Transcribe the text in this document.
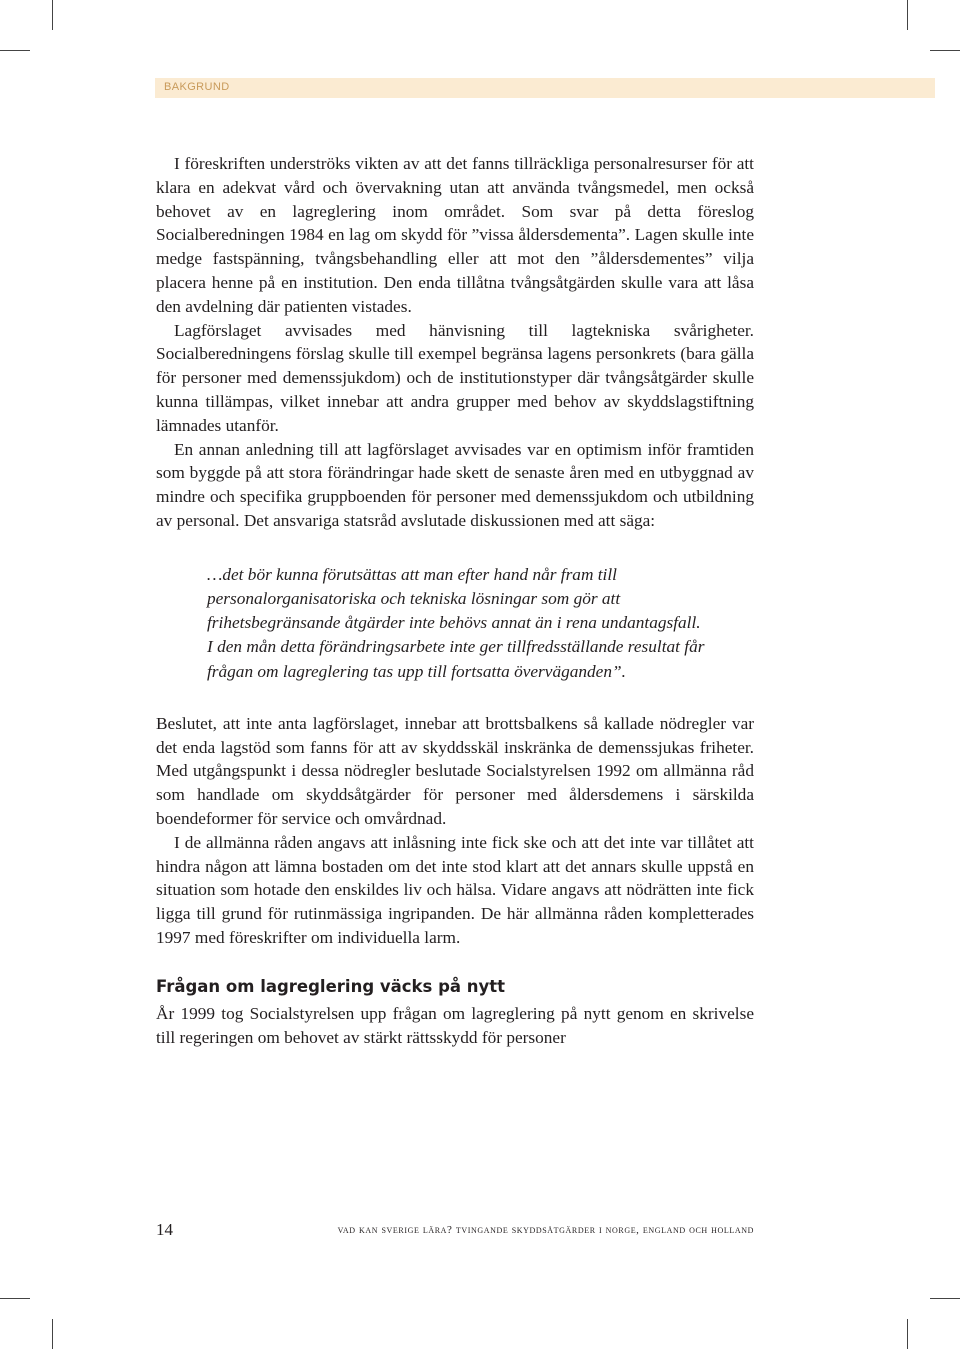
BAKGRUND

I föreskriften underströks vikten av att det fanns tillräckliga personalresurser för att klara en adekvat vård och övervakning utan att använda tvångsmedel, men också behovet av en lagreglering inom området. Som svar på detta föreslog Socialberedningen 1984 en lag om skydd för ”vissa åldersdementa”. Lagen skulle inte medge fastspänning, tvångsbehandling eller att mot den ”åldersdementes” vilja placera henne på en institution. Den enda tillåtna tvångsåtgärden skulle vara att låsa den avdelning där patienten vistades.

Lagförslaget avvisades med hänvisning till lagtekniska svårigheter. Socialberedningens förslag skulle till exempel begränsa lagens personkrets (bara gälla för personer med demenssjukdom) och de institutionstyper där tvångsåtgärder skulle kunna tillämpas, vilket innebar att andra grupper med behov av skyddslagstiftning lämnades utanför.

En annan anledning till att lagförslaget avvisades var en optimism inför framtiden som byggde på att stora förändringar hade skett de senaste åren med en utbyggnad av mindre och specifika gruppboenden för personer med demenssjukdom och utbildning av personal. Det ansvariga statsråd avslutade diskussionen med att säga:

…det bör kunna förutsättas att man efter hand når fram till personalorganisatoriska och tekniska lösningar som gör att frihetsbegränsande åtgärder inte behövs annat än i rena undantagsfall. I den mån detta förändringsarbete inte ger tillfredsställande resultat får frågan om lagreglering tas upp till fortsatta överväganden”.

Beslutet, att inte anta lagförslaget, innebar att brottsbalkens så kallade nödregler var det enda lagstöd som fanns för att av skyddsskäl inskränka de demenssjukas friheter. Med utgångspunkt i dessa nödregler beslutade Socialstyrelsen 1992 om allmänna råd som handlade om skyddsåtgärder för personer med åldersdemens i särskilda boendeformer för service och omvårdnad.

I de allmänna råden angavs att inlåsning inte fick ske och att det inte var tillåtet att hindra någon att lämna bostaden om det inte stod klart att det annars skulle uppstå en situation som hotade den enskildes liv och hälsa. Vidare angavs att nödrätten inte fick ligga till grund för rutinmässiga ingripanden. De här allmänna råden kompletterades 1997 med föreskrifter om individuella larm.

Frågan om lagreglering väcks på nytt

År 1999 tog Socialstyrelsen upp frågan om lagreglering på nytt genom en skrivelse till regeringen om behovet av stärkt rättsskydd för personer

14	vad kan sverige lära? tvingande skyddsåtgärder i norge, england och holland
